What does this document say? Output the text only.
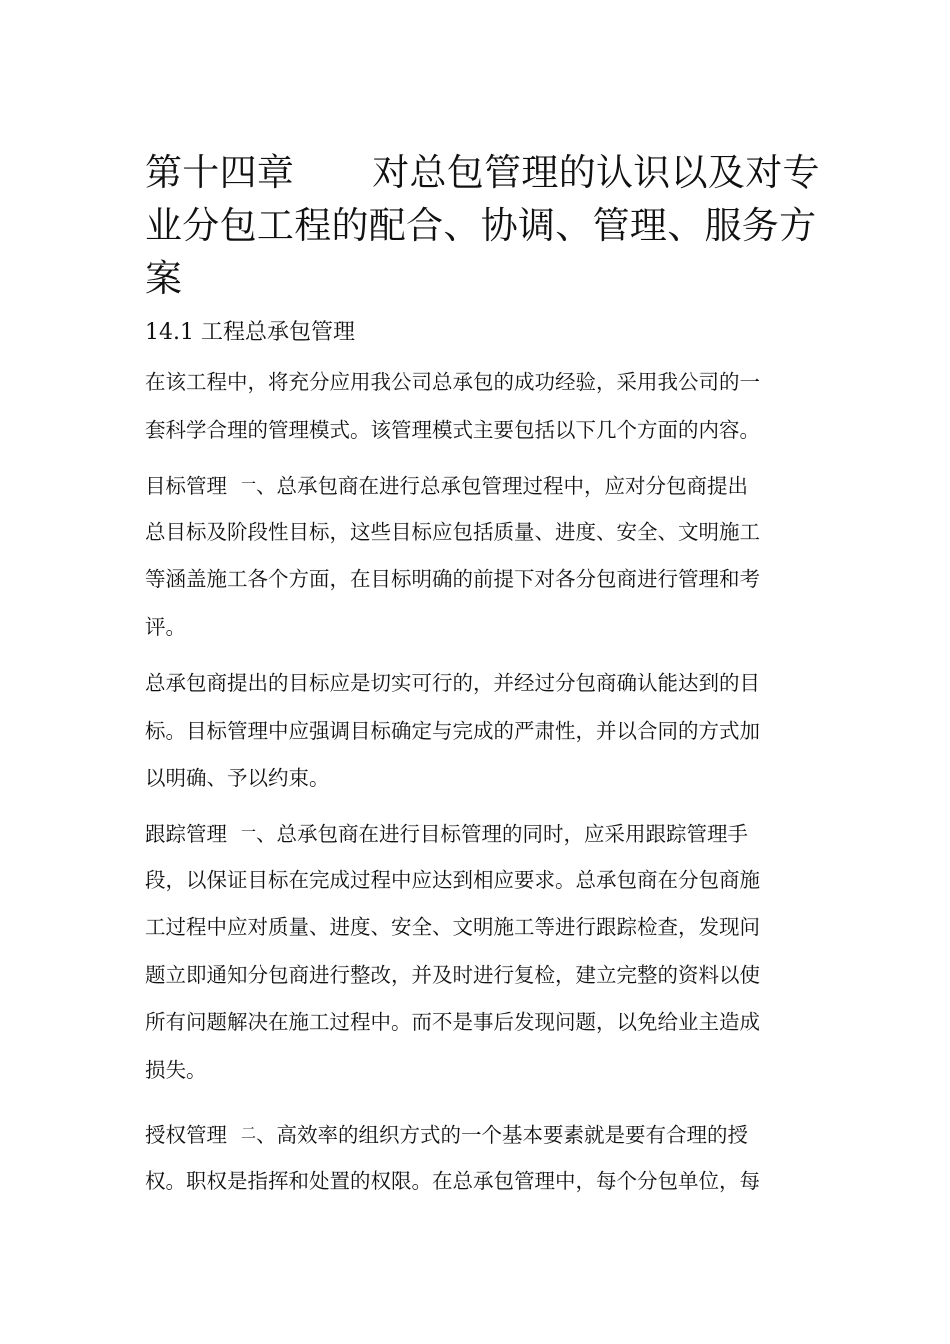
第十四章 对总包管理的认识以及对专
业分包工程的配合、协调、管理、服务方
案
14.1 工程总承包管理
在该工程中，将充分应用我公司总承包的成功经验，采用我公司的一
套科学合理的管理模式。该管理模式主要包括以下几个方面的内容。
目标管理 一、总承包商在进行总承包管理过程中，应对分包商提出
总目标及阶段性目标，这些目标应包括质量、进度、安全、文明施工
等涵盖施工各个方面，在目标明确的前提下对各分包商进行管理和考
评。
总承包商提出的目标应是切实可行的，并经过分包商确认能达到的目
标。目标管理中应强调目标确定与完成的严肃性，并以合同的方式加
以明确、予以约束。
跟踪管理 一、总承包商在进行目标管理的同时，应采用跟踪管理手
段，以保证目标在完成过程中应达到相应要求。总承包商在分包商施
工过程中应对质量、进度、安全、文明施工等进行跟踪检查，发现问
题立即通知分包商进行整改，并及时进行复检，建立完整的资料以使
所有问题解决在施工过程中。而不是事后发现问题，以免给业主造成
损失。
授权管理 二、高效率的组织方式的一个基本要素就是要有合理的授
权。职权是指挥和处置的权限。在总承包管理中，每个分包单位，每
